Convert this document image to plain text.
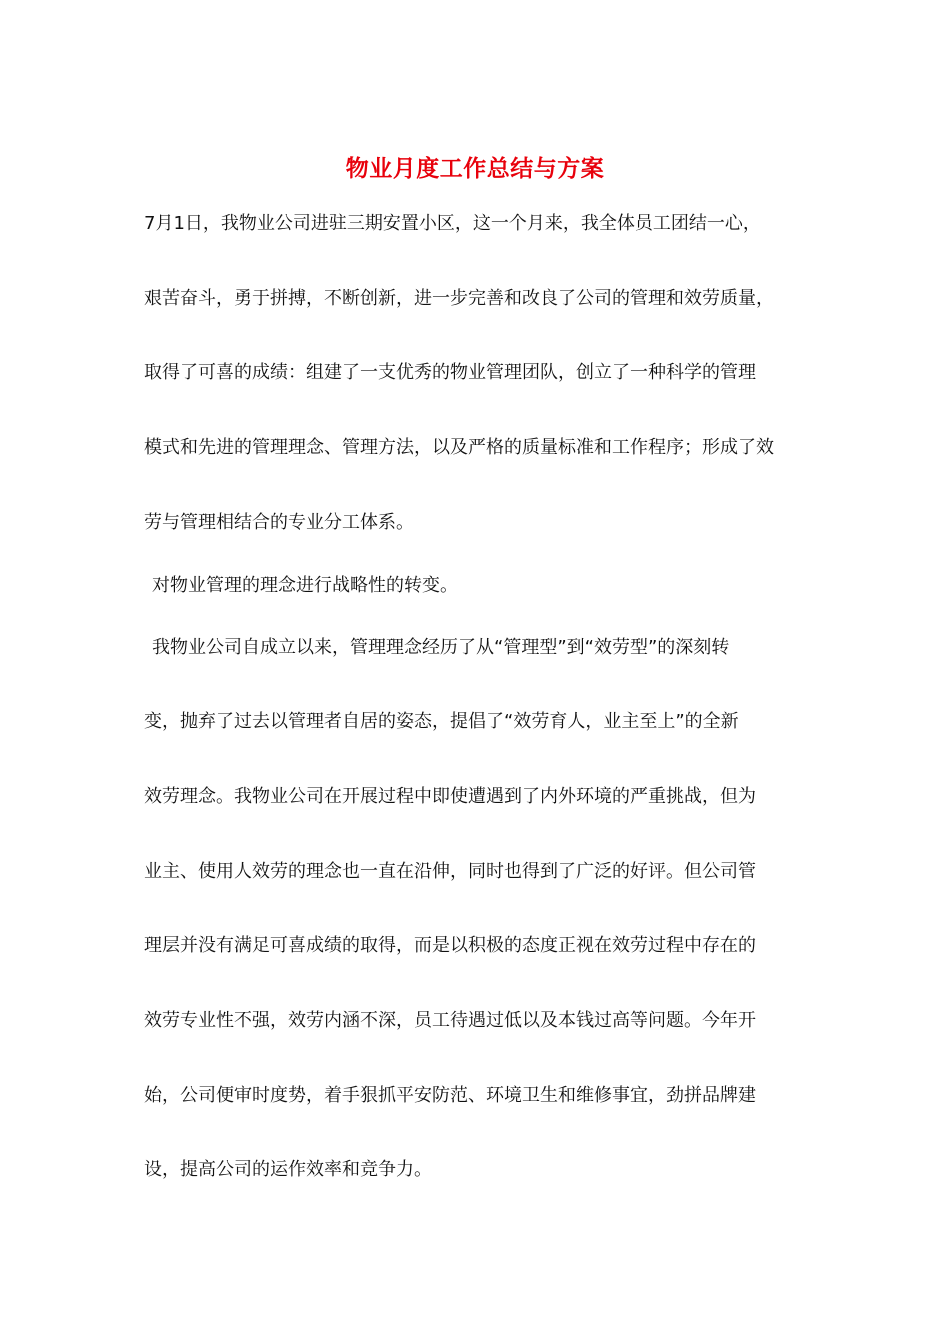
物业月度工作总结与方案
7月1日，我物业公司进驻三期安置小区，这一个月来，我全体员工团结一心，
艰苦奋斗，勇于拼搏，不断创新，进一步完善和改良了公司的管理和效劳质量，
取得了可喜的成绩：组建了一支优秀的物业管理团队，创立了一种科学的管理
模式和先进的管理理念、管理方法，以及严格的质量标准和工作程序；形成了效
劳与管理相结合的专业分工体系。
对物业管理的理念进行战略性的转变。
我物业公司自成立以来，管理理念经历了从“管理型”到“效劳型”的深刻转
变，抛弃了过去以管理者自居的姿态，提倡了“效劳育人，业主至上”的全新
效劳理念。我物业公司在开展过程中即使遭遇到了内外环境的严重挑战，但为
业主、使用人效劳的理念也一直在沿伸，同时也得到了广泛的好评。但公司管
理层并没有满足可喜成绩的取得，而是以积极的态度正视在效劳过程中存在的
效劳专业性不强，效劳内涵不深，员工待遇过低以及本钱过高等问题。今年开
始，公司便审时度势，着手狠抓平安防范、环境卫生和维修事宜，劲拼品牌建
设，提高公司的运作效率和竞争力。
